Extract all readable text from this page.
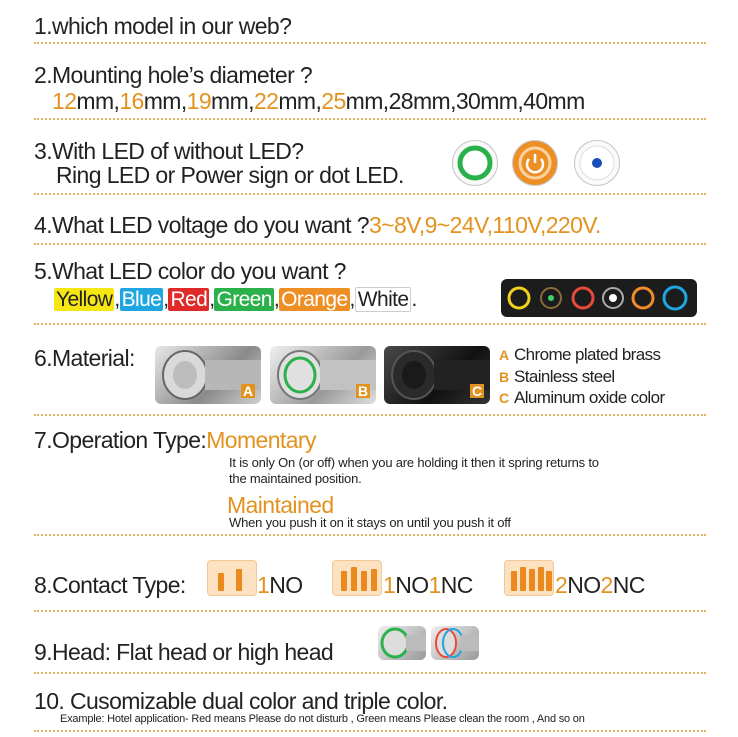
1.which model in our web?
2.Mounting hole’s diameter ?
12mm,16mm,19mm,22mm,25mm,28mm,30mm,40mm
3.With LED of without LED?
Ring LED or Power sign or dot LED.
4.What LED voltage do you want ?3~8V,9~24V,110V,220V.
5.What LED color do you want ?
Yellow,Blue,Red,Green,Orange, White .
6.Material:
A	B	C
A
B
C
Chrome plated brass
Stainless steel
Aluminum oxide color
7.Operation Type:Momentary
It is only On (or off) when you are holding it then it spring returns to
the maintained position.
Maintained
When you push it on it stays on until you push it off
8.Contact Type:	1NO	1NO1NC	2NO2NC
9.Head: Flat head or high head
10. Cusomizable dual color and triple color.
Example: Hotel application- Red means Please do not disturb , Green means Please clean the room , And so on
